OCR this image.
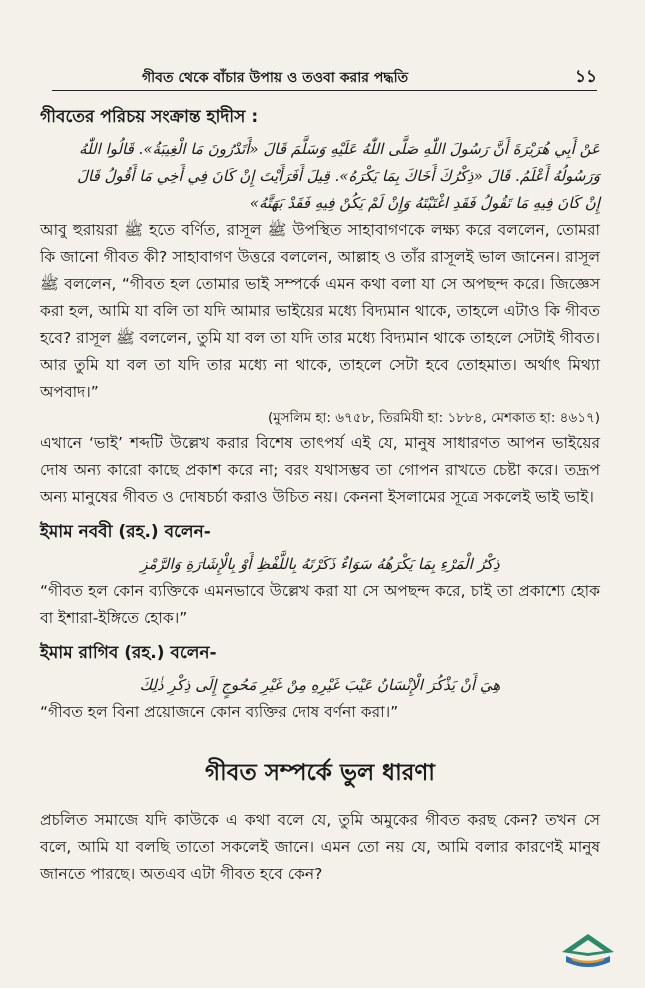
গীবত থেকে বাঁচার উপায় ও তওবা করার পদ্ধতি	১১
গীবতের পরিচয় সংক্রান্ত হাদীস :
عَنْ أَبِي هُرَيْرَةَ أَنَّ رَسُولَ اللّٰهِ صَلَّى اللّٰهُ عَلَيْهِ وَسَلَّمَ قَالَ «أَتَدْرُونَ مَا الْغِيبَةُ». قَالُوا اللّٰهُ
وَرَسُولُهُ أَعْلَمُ. قَالَ «ذِكْرُكَ أَخَاكَ بِمَا يَكْرَهُ». قِيلَ أَفَرَأَيْتَ إِنْ كَانَ فِي أَخِي مَا أَقُولُ قَالَ
إِنْ كَانَ فِيهِ مَا تَقُولُ فَقَدِ اغْتَبْتَهُ وَإِنْ لَمْ يَكُنْ فِيهِ فَقَدْ بَهَتَّهُ»
আবু হুরায়রা ﷺ হতে বর্ণিত, রাসূল ﷺ উপস্থিত সাহাবাগণকে লক্ষ্য করে বললেন, তোমরা কি জানো গীবত কী? সাহাবাগণ উত্তরে বললেন, আল্লাহ ও তাঁর রাসূলই ভাল জানেন। রাসূল ﷺ বললেন, “গীবত হল তোমার ভাই সম্পর্কে এমন কথা বলা যা সে অপছন্দ করে। জিজ্ঞেস করা হল, আমি যা বলি তা যদি আমার ভাইয়ের মধ্যে বিদ্যমান থাকে, তাহলে এটাও কি গীবত হবে? রাসূল ﷺ বললেন, তুমি যা বল তা যদি তার মধ্যে বিদ্যমান থাকে তাহলে সেটাই গীবত। আর তুমি যা বল তা যদি তার মধ্যে না থাকে, তাহলে সেটা হবে তোহমাত। অর্থাৎ মিথ্যা অপবাদ।”
(মুসলিম হা: ৬৭৫৮, তিরমিযী হা: ১৮৮৪, মেশকাত হা: ৪৬১৭)
এখানে ‘ভাই’ শব্দটি উল্লেখ করার বিশেষ তাৎপর্য এই যে, মানুষ সাধারণত আপন ভাইয়ের দোষ অন্য কারো কাছে প্রকাশ করে না; বরং যথাসম্ভব তা গোপন রাখতে চেষ্টা করে। তদ্রূপ অন্য মানুষের গীবত ও দোষচর্চা করাও উচিত নয়। কেননা ইসলামের সূত্রে সকলেই ভাই ভাই।
ইমাম নববী (রহ.) বলেন-
ذِكْرُ الْمَرْءِ بِمَا يَكْرَهُهُ سَوَاءٌ ذَكَرْتَهُ بِاللَّفْظِ أَوْ بِالْإِشَارَةِ وَالرَّمْزِ
“গীবত হল কোন ব্যক্তিকে এমনভাবে উল্লেখ করা যা সে অপছন্দ করে, চাই তা প্রকাশ্যে হোক বা ইশারা-ইঙ্গিতে হোক।”
ইমাম রাগিব (রহ.) বলেন-
هِيَ أَنْ يَذْكُرَ الْإِنْسَانُ عَيْبَ غَيْرِهِ مِنْ غَيْرِ مَحُوجٍ إِلَى ذِكْرِ ذٰلِكَ
“গীবত হল বিনা প্রয়োজনে কোন ব্যক্তির দোষ বর্ণনা করা।”
গীবত সম্পর্কে ভুল ধারণা
প্রচলিত সমাজে যদি কাউকে এ কথা বলে যে, তুমি অমুকের গীবত করছ কেন? তখন সে বলে, আমি যা বলছি তাতো সকলেই জানে। এমন তো নয় যে, আমি বলার কারণেই মানুষ জানতে পারছে। অতএব এটা গীবত হবে কেন?
